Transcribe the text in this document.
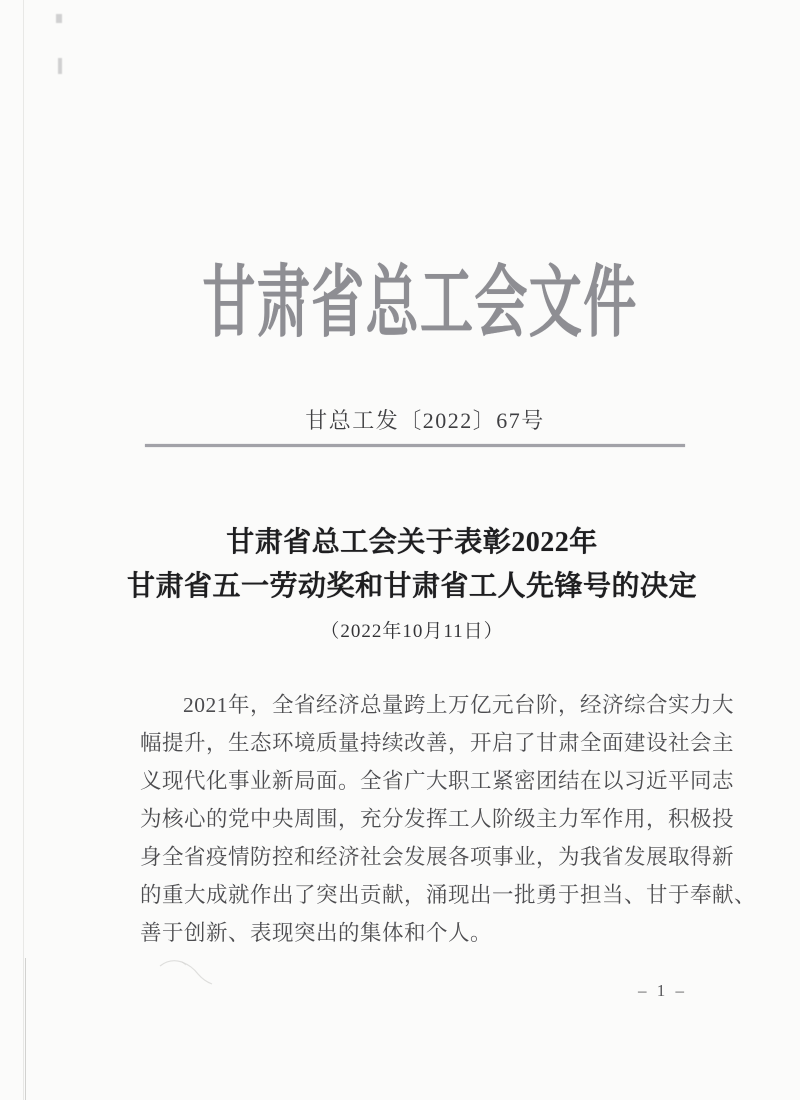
甘肃省总工会文件
甘总工发〔2022〕67号
甘肃省总工会关于表彰2022年
甘肃省五一劳动奖和甘肃省工人先锋号的决定
（2022年10月11日）
2021年，全省经济总量跨上万亿元台阶，经济综合实力大
幅提升，生态环境质量持续改善，开启了甘肃全面建设社会主
义现代化事业新局面。全省广大职工紧密团结在以习近平同志
为核心的党中央周围，充分发挥工人阶级主力军作用，积极投
身全省疫情防控和经济社会发展各项事业，为我省发展取得新
的重大成就作出了突出贡献，涌现出一批勇于担当、甘于奉献、
善于创新、表现突出的集体和个人。
– 1 –
